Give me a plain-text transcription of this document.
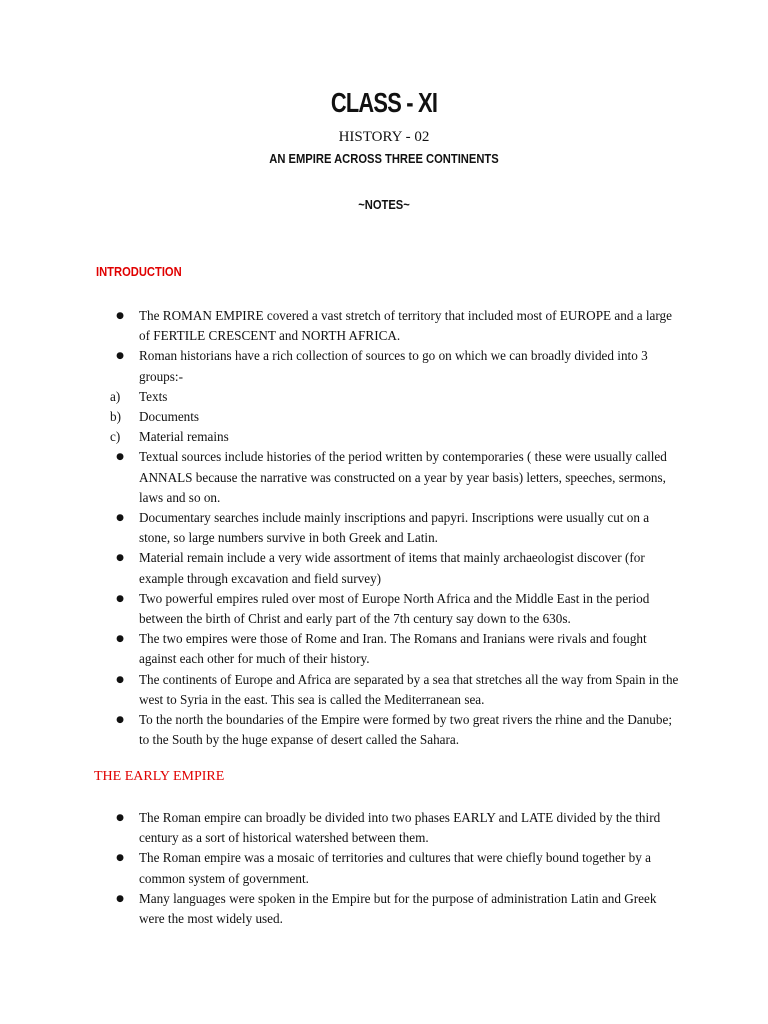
CLASS - XI
HISTORY - 02
AN EMPIRE ACROSS THREE CONTINENTS
~NOTES~
INTRODUCTION
●	The ROMAN EMPIRE covered a vast stretch of territory that included most of EUROPE and a large of FERTILE CRESCENT and NORTH AFRICA.
●	Roman historians have a rich collection of sources to go on which we can broadly divided into 3 groups:-
a)	Texts
b)	Documents
c)	Material remains
●	Textual sources include histories of the period written by contemporaries ( these were usually called ANNALS because the narrative was constructed on a year by year basis) letters, speeches, sermons, laws and so on.
●	Documentary searches include mainly inscriptions and papyri. Inscriptions were usually cut on a stone, so large numbers survive in both Greek and Latin.
●	Material remain include a very wide assortment of items that mainly archaeologist discover (for example through excavation and field survey)
●	Two powerful empires ruled over most of Europe North Africa and the Middle East in the period between the birth of Christ and early part of the 7th century say down to the 630s.
●	The two empires were those of Rome and Iran. The Romans and Iranians were rivals and fought against each other for much of their history.
●	The continents of Europe and Africa are separated by a sea that stretches all the way from Spain in the west to Syria in the east. This sea is called the Mediterranean sea.
●	To the north the boundaries of the Empire were formed by two great rivers the rhine and the Danube; to the South by the huge expanse of desert called the Sahara.
THE EARLY EMPIRE
●	The Roman empire can broadly be divided into two phases EARLY and LATE divided by the third century as a sort of historical watershed between them.
●	The Roman empire was a mosaic of territories and cultures that were chiefly bound together by a common system of government.
●	Many languages were spoken in the Empire but for the purpose of administration Latin and Greek were the most widely used.
